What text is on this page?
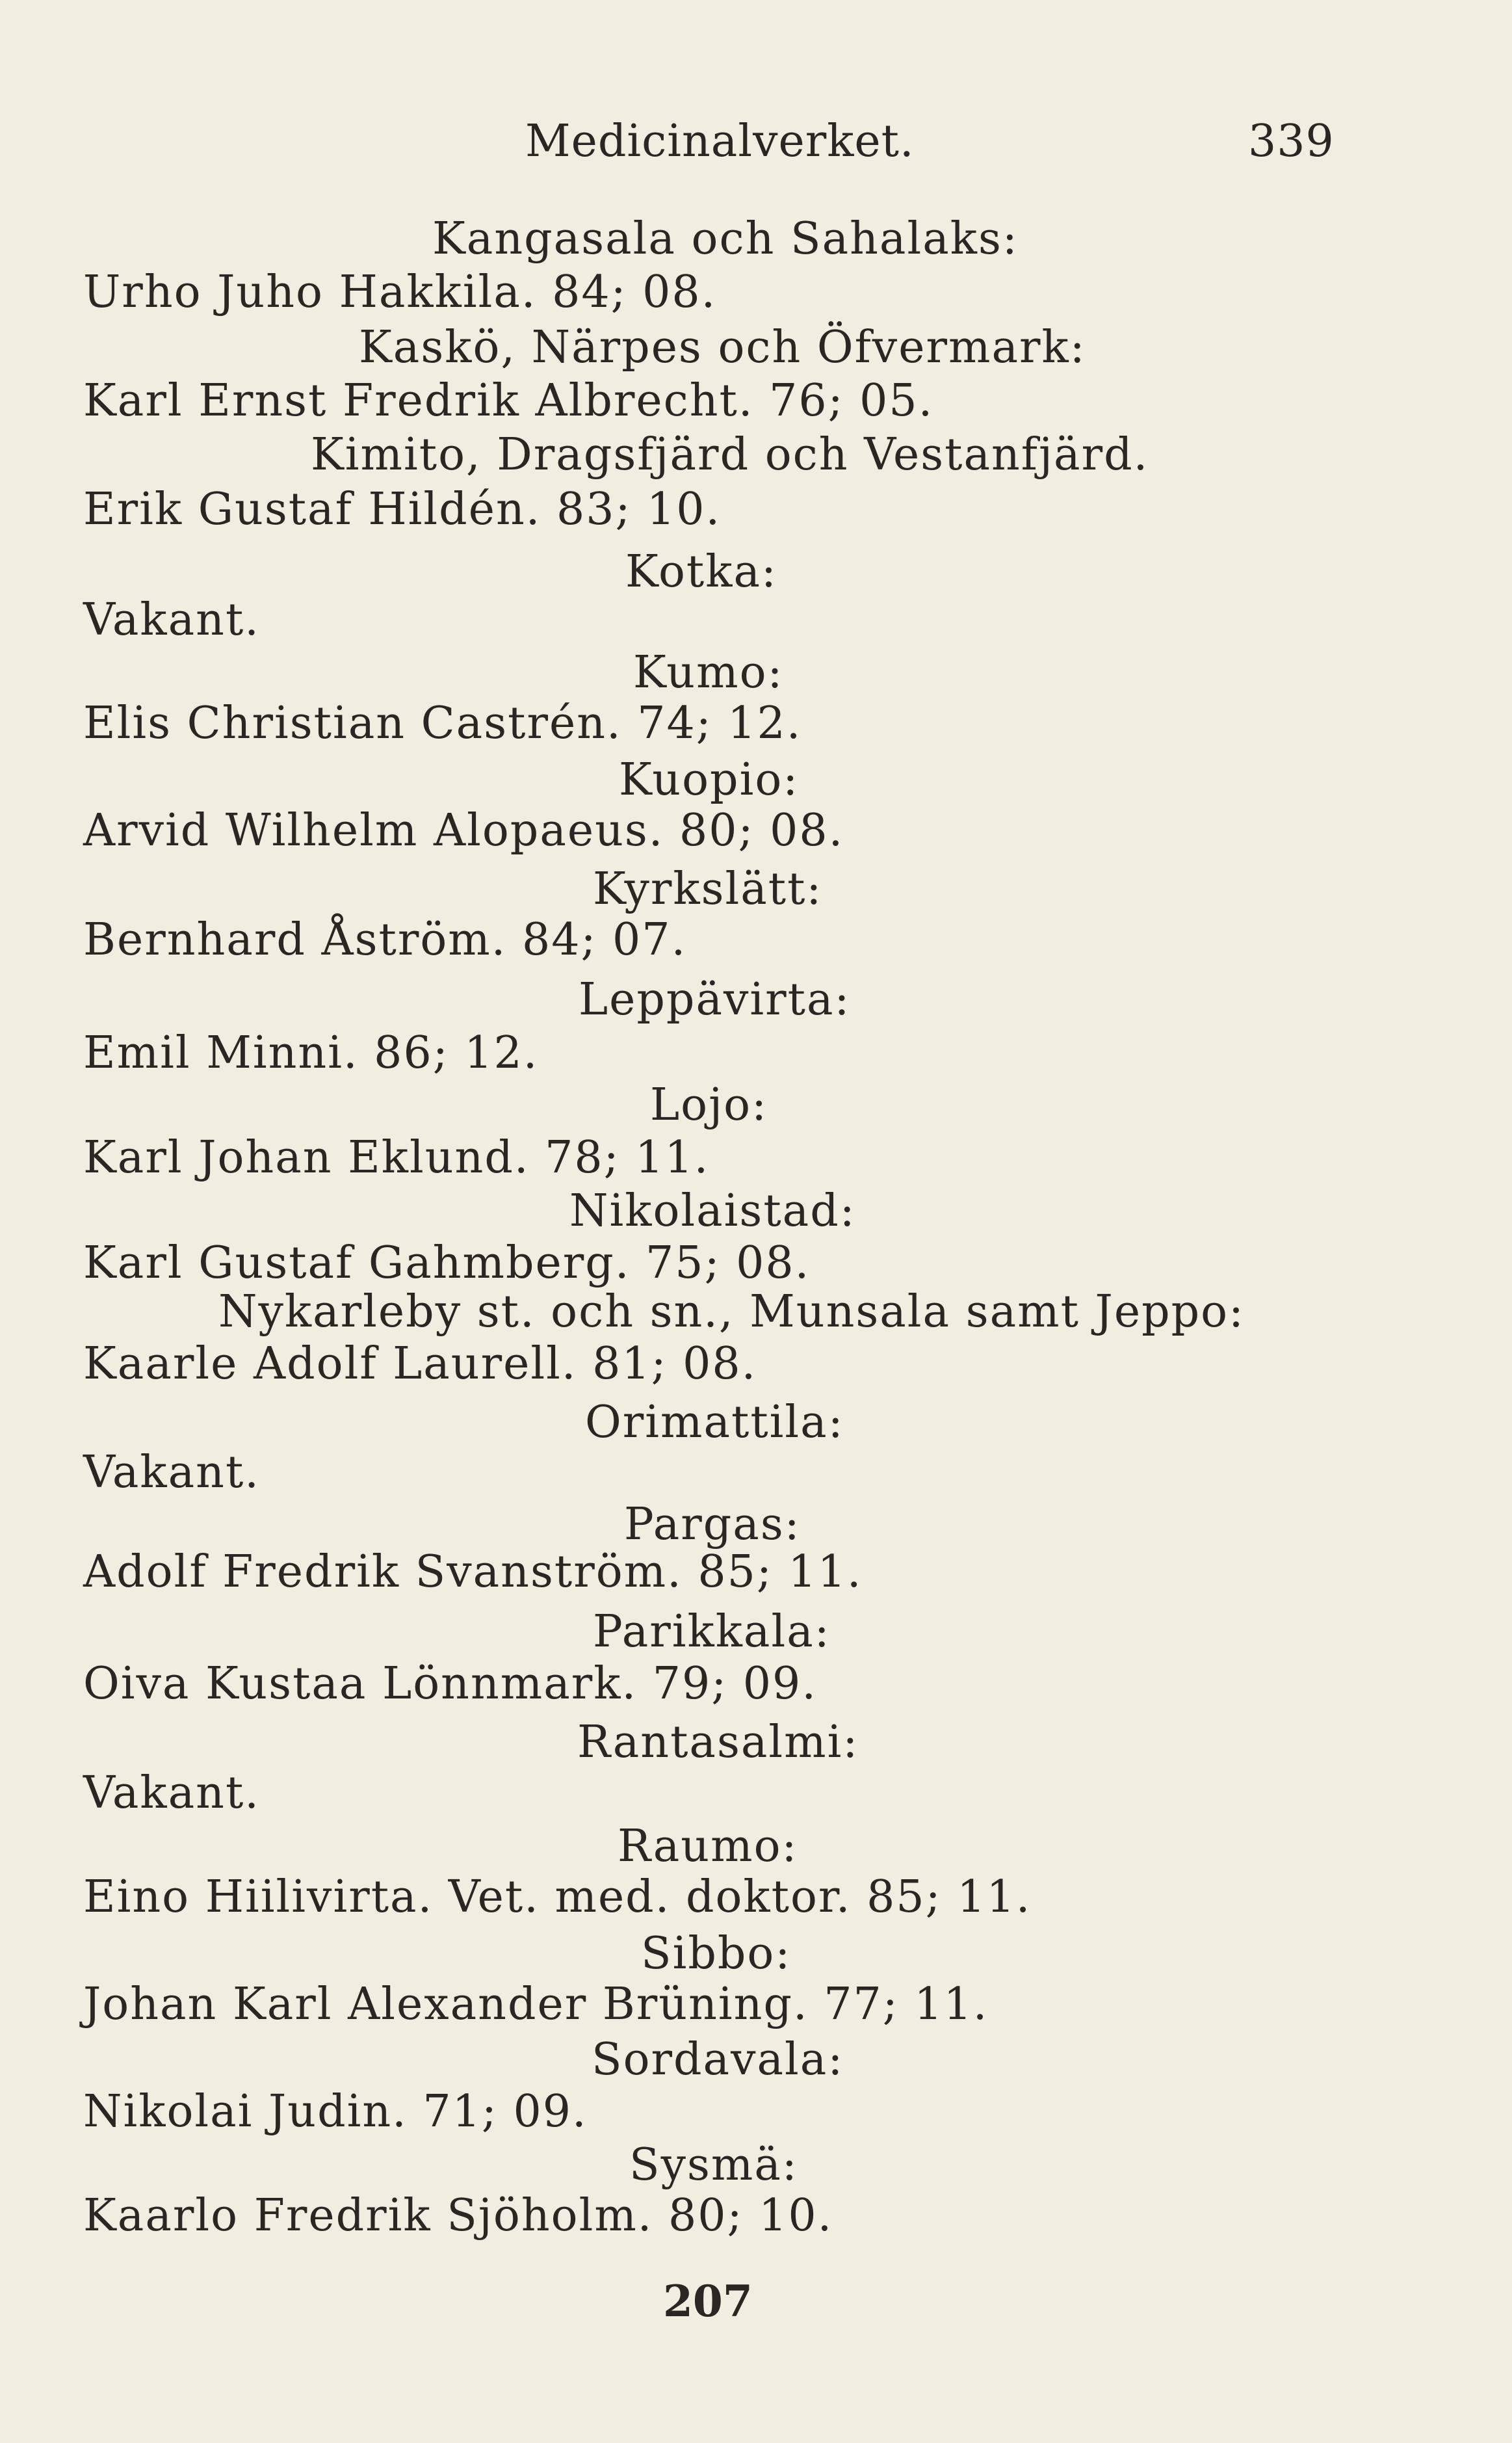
Medicinalverket.	339
Kangasala och Sahalaks:
Urho Juho Hakkila. 84; 08.
Kaskö, Närpes och Öfvermark:
Karl Ernst Fredrik Albrecht. 76; 05.
Kimito, Dragsfjärd och Vestanfjärd.
Erik Gustaf Hildén. 83; 10.
Kotka:
Vakant.
Kumo:
Elis Christian Castrén. 74; 12.
Kuopio:
Arvid Wilhelm Alopaeus. 80; 08.
Kyrkslätt:
Bernhard Åström. 84; 07.
Leppävirta:
Emil Minni. 86; 12.
Lojo:
Karl Johan Eklund. 78; 11.
Nikolaistad:
Karl Gustaf Gahmberg. 75; 08.
Nykarleby st. och sn., Munsala samt Jeppo:
Kaarle Adolf Laurell. 81; 08.
Orimattila:
Vakant.
Pargas:
Adolf Fredrik Svanström. 85; 11.
Parikkala:
Oiva Kustaa Lönnmark. 79; 09.
Rantasalmi:
Vakant.
Raumo:
Eino Hiilivirta. Vet. med. doktor. 85; 11.
Sibbo:
Johan Karl Alexander Brüning. 77; 11.
Sordavala:
Nikolai Judin. 71; 09.
Sysmä:
Kaarlo Fredrik Sjöholm. 80; 10.
207
